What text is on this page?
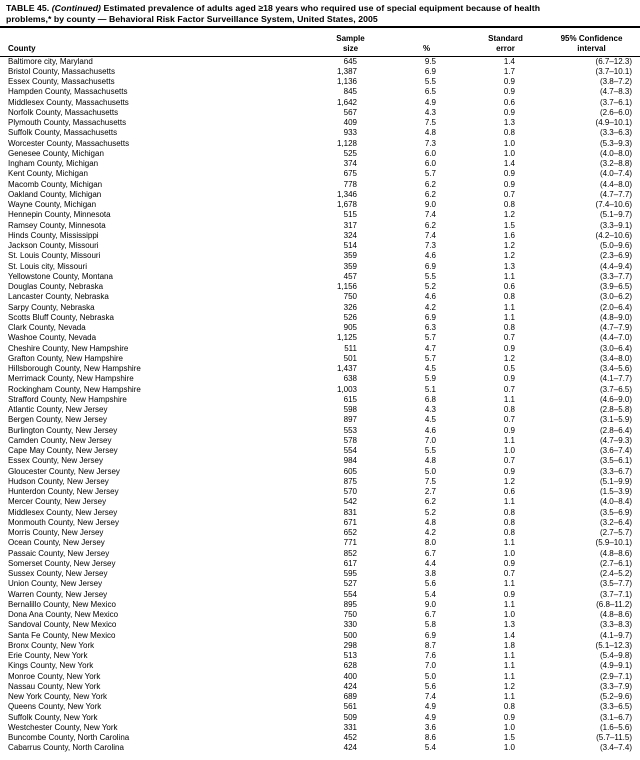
TABLE 45. (Continued) Estimated prevalence of adults aged ≥18 years who required use of special equipment because of health
problems,* by county — Behavioral Risk Factor Surveillance System, United States, 2005
County	Sample
size	%	Standard
error	95% Confidence
interval

Baltimore city, Maryland	645	9.5	1.4	(6.7–12.3)
Bristol County, Massachusetts	1,387	6.9	1.7	(3.7–10.1)
Essex County, Massachusetts	1,136	5.5	0.9	(3.8–7.2)
Hampden County, Massachusetts	845	6.5	0.9	(4.7–8.3)
Middlesex County, Massachusetts	1,642	4.9	0.6	(3.7–6.1)
Norfolk County, Massachusetts	567	4.3	0.9	(2.6–6.0)
Plymouth County, Massachusetts	409	7.5	1.3	(4.9–10.1)
Suffolk County, Massachusetts	933	4.8	0.8	(3.3–6.3)
Worcester County, Massachusetts	1,128	7.3	1.0	(5.3–9.3)
Genesee County, Michigan	525	6.0	1.0	(4.0–8.0)
Ingham County, Michigan	374	6.0	1.4	(3.2–8.8)
Kent County, Michigan	675	5.7	0.9	(4.0–7.4)
Macomb County, Michigan	778	6.2	0.9	(4.4–8.0)
Oakland County, Michigan	1,346	6.2	0.7	(4.7–7.7)
Wayne County, Michigan	1,678	9.0	0.8	(7.4–10.6)
Hennepin County, Minnesota	515	7.4	1.2	(5.1–9.7)
Ramsey County, Minnesota	317	6.2	1.5	(3.3–9.1)
Hinds County, Mississippi	324	7.4	1.6	(4.2–10.6)
Jackson County, Missouri	514	7.3	1.2	(5.0–9.6)
St. Louis County, Missouri	359	4.6	1.2	(2.3–6.9)
St. Louis city, Missouri	359	6.9	1.3	(4.4–9.4)
Yellowstone County, Montana	457	5.5	1.1	(3.3–7.7)
Douglas County, Nebraska	1,156	5.2	0.6	(3.9–6.5)
Lancaster County, Nebraska	750	4.6	0.8	(3.0–6.2)
Sarpy County, Nebraska	326	4.2	1.1	(2.0–6.4)
Scotts Bluff County, Nebraska	526	6.9	1.1	(4.8–9.0)
Clark County, Nevada	905	6.3	0.8	(4.7–7.9)
Washoe County, Nevada	1,125	5.7	0.7	(4.4–7.0)
Cheshire County, New Hampshire	511	4.7	0.9	(3.0–6.4)
Grafton County, New Hampshire	501	5.7	1.2	(3.4–8.0)
Hillsborough County, New Hampshire	1,437	4.5	0.5	(3.4–5.6)
Merrimack County, New Hampshire	638	5.9	0.9	(4.1–7.7)
Rockingham County, New Hampshire	1,003	5.1	0.7	(3.7–6.5)
Strafford County, New Hampshire	615	6.8	1.1	(4.6–9.0)
Atlantic County, New Jersey	598	4.3	0.8	(2.8–5.8)
Bergen County, New Jersey	897	4.5	0.7	(3.1–5.9)
Burlington County, New Jersey	553	4.6	0.9	(2.8–6.4)
Camden County, New Jersey	578	7.0	1.1	(4.7–9.3)
Cape May County, New Jersey	554	5.5	1.0	(3.6–7.4)
Essex County, New Jersey	984	4.8	0.7	(3.5–6.1)
Gloucester County, New Jersey	605	5.0	0.9	(3.3–6.7)
Hudson County, New Jersey	875	7.5	1.2	(5.1–9.9)
Hunterdon County, New Jersey	570	2.7	0.6	(1.5–3.9)
Mercer County, New Jersey	542	6.2	1.1	(4.0–8.4)
Middlesex County, New Jersey	831	5.2	0.8	(3.5–6.9)
Monmouth County, New Jersey	671	4.8	0.8	(3.2–6.4)
Morris County, New Jersey	652	4.2	0.8	(2.7–5.7)
Ocean County, New Jersey	771	8.0	1.1	(5.9–10.1)
Passaic County, New Jersey	852	6.7	1.0	(4.8–8.6)
Somerset County, New Jersey	617	4.4	0.9	(2.7–6.1)
Sussex County, New Jersey	595	3.8	0.7	(2.4–5.2)
Union County, New Jersey	527	5.6	1.1	(3.5–7.7)
Warren County, New Jersey	554	5.4	0.9	(3.7–7.1)
Bernalillo County, New Mexico	895	9.0	1.1	(6.8–11.2)
Dona Ana County, New Mexico	750	6.7	1.0	(4.8–8.6)
Sandoval County, New Mexico	330	5.8	1.3	(3.3–8.3)
Santa Fe County, New Mexico	500	6.9	1.4	(4.1–9.7)
Bronx County, New York	298	8.7	1.8	(5.1–12.3)
Erie County, New York	513	7.6	1.1	(5.4–9.8)
Kings County, New York	628	7.0	1.1	(4.9–9.1)
Monroe County, New York	400	5.0	1.1	(2.9–7.1)
Nassau County, New York	424	5.6	1.2	(3.3–7.9)
New York County, New York	689	7.4	1.1	(5.2–9.6)
Queens County, New York	561	4.9	0.8	(3.3–6.5)
Suffolk County, New York	509	4.9	0.9	(3.1–6.7)
Westchester County, New York	331	3.6	1.0	(1.6–5.6)
Buncombe County, North Carolina	452	8.6	1.5	(5.7–11.5)
Cabarrus County, North Carolina	424	5.4	1.0	(3.4–7.4)
